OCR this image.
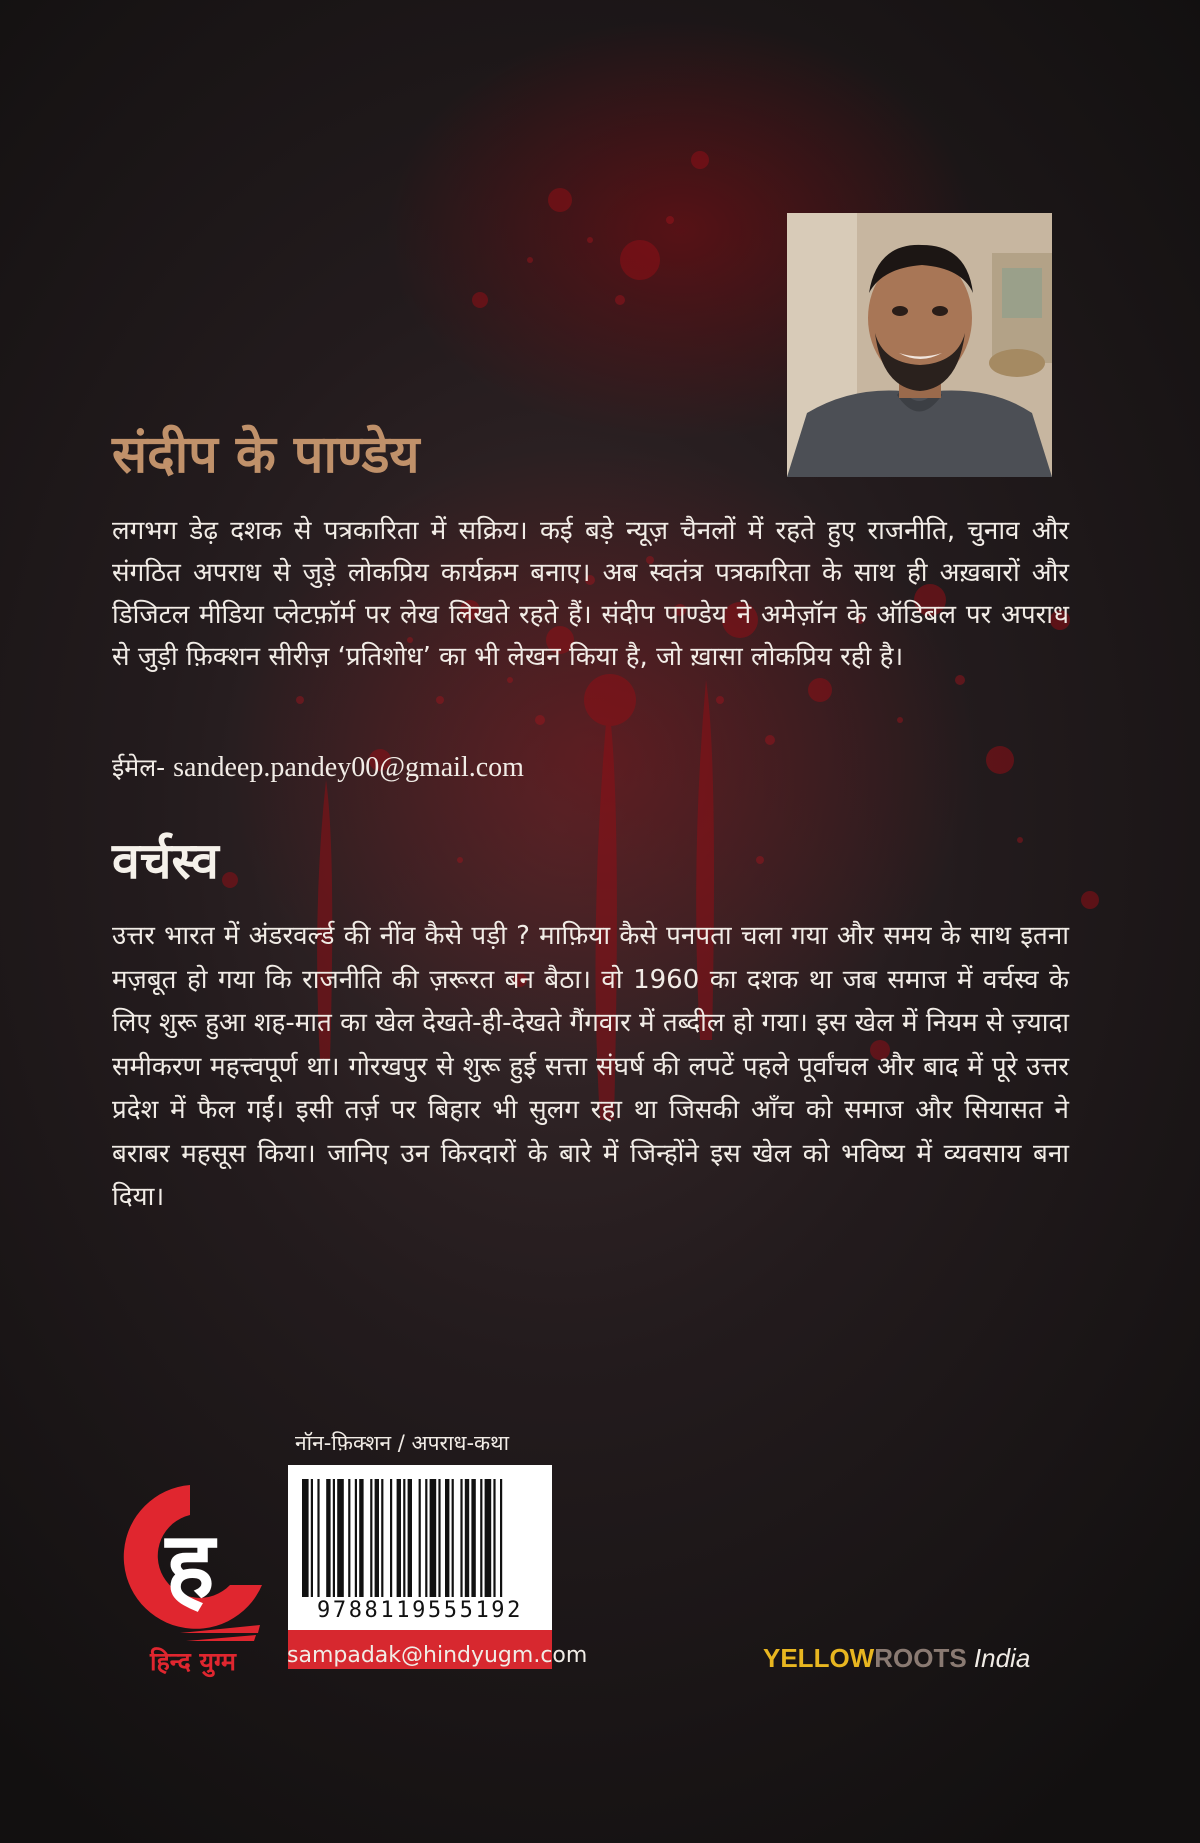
संदीप के पाण्डेय

लगभग डेढ़ दशक से पत्रकारिता में सक्रिय। कई बड़े न्यूज़ चैनलों में रहते हुए राजनीति, चुनाव और संगठित अपराध से जुड़े लोकप्रिय कार्यक्रम बनाए। अब स्वतंत्र पत्रकारिता के साथ ही अख़बारों और डिजिटल मीडिया प्लेटफ़ॉर्म पर लेख लिखते रहते हैं। संदीप पाण्डेय ने अमेज़ॉन के ऑडिबल पर अपराध से जुड़ी फ़िक्शन सीरीज़ ‘प्रतिशोध’ का भी लेखन किया है, जो ख़ासा लोकप्रिय रही है।

ईमेल- sandeep.pandey00@gmail.com
वर्चस्व

उत्तर भारत में अंडरवर्ल्ड की नींव कैसे पड़ी ? माफ़िया कैसे पनपता चला गया और समय के साथ इतना मज़बूत हो गया कि राजनीति की ज़रूरत बन बैठा। वो 1960 का दशक था जब समाज में वर्चस्व के लिए शुरू हुआ शह-मात का खेल देखते-ही-देखते गैंगवार में तब्दील हो गया। इस खेल में नियम से ज़्यादा समीकरण महत्त्वपूर्ण था। गोरखपुर से शुरू हुई सत्ता संघर्ष की लपटें पहले पूर्वांचल और बाद में पूरे उत्तर प्रदेश में फैल गईं। इसी तर्ज़ पर बिहार भी सुलग रहा था जिसकी आँच को समाज और सियासत ने बराबर महसूस किया। जानिए उन किरदारों के बारे में जिन्होंने इस खेल को भविष्य में व्यवसाय बना दिया।

नॉन-फ़िक्शन / अपराध-कथा
9788119555192
ह
हिन्द युग्म	sampadak@hindyugm.com	YELLOWROOTS India
